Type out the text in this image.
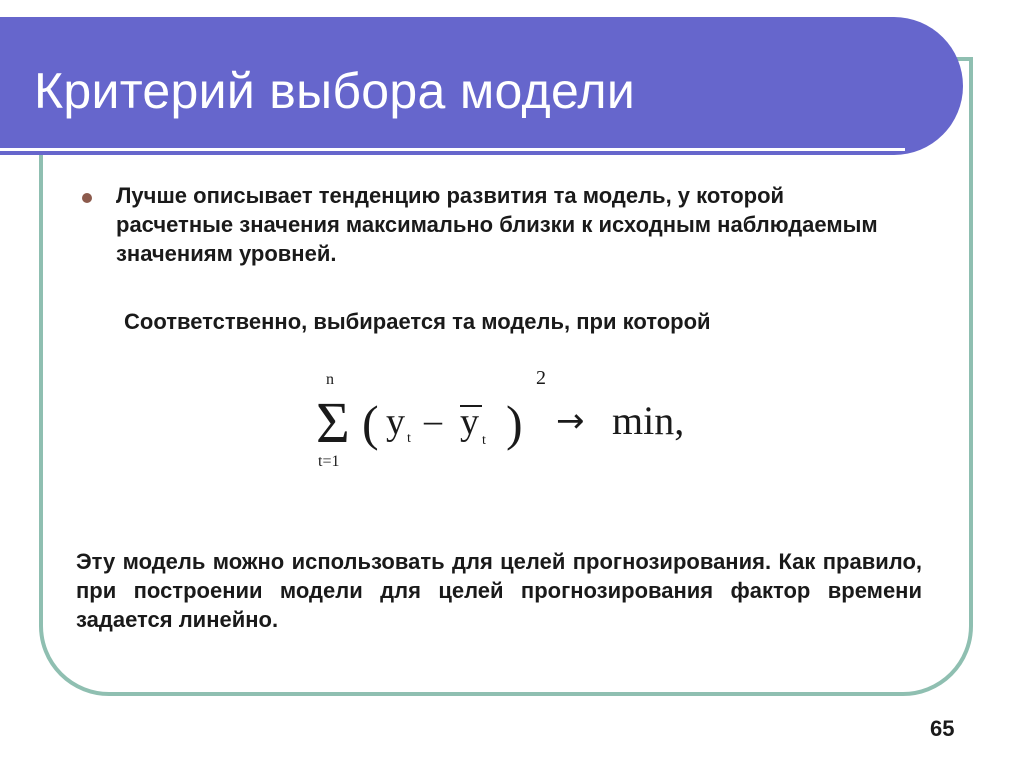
Критерий выбора модели
Лучше описывает тенденцию развития та модель, у которой расчетные значения максимально близки к исходным наблюдаемым значениям уровней.
Соответственно, выбирается та модель, при которой
n
Σ
t=1
( y t – y t )
2
→ min,
Эту модель можно использовать для целей прогнозирования. Как правило, при построении модели для целей прогнозирования фактор времени задается линейно.
65
